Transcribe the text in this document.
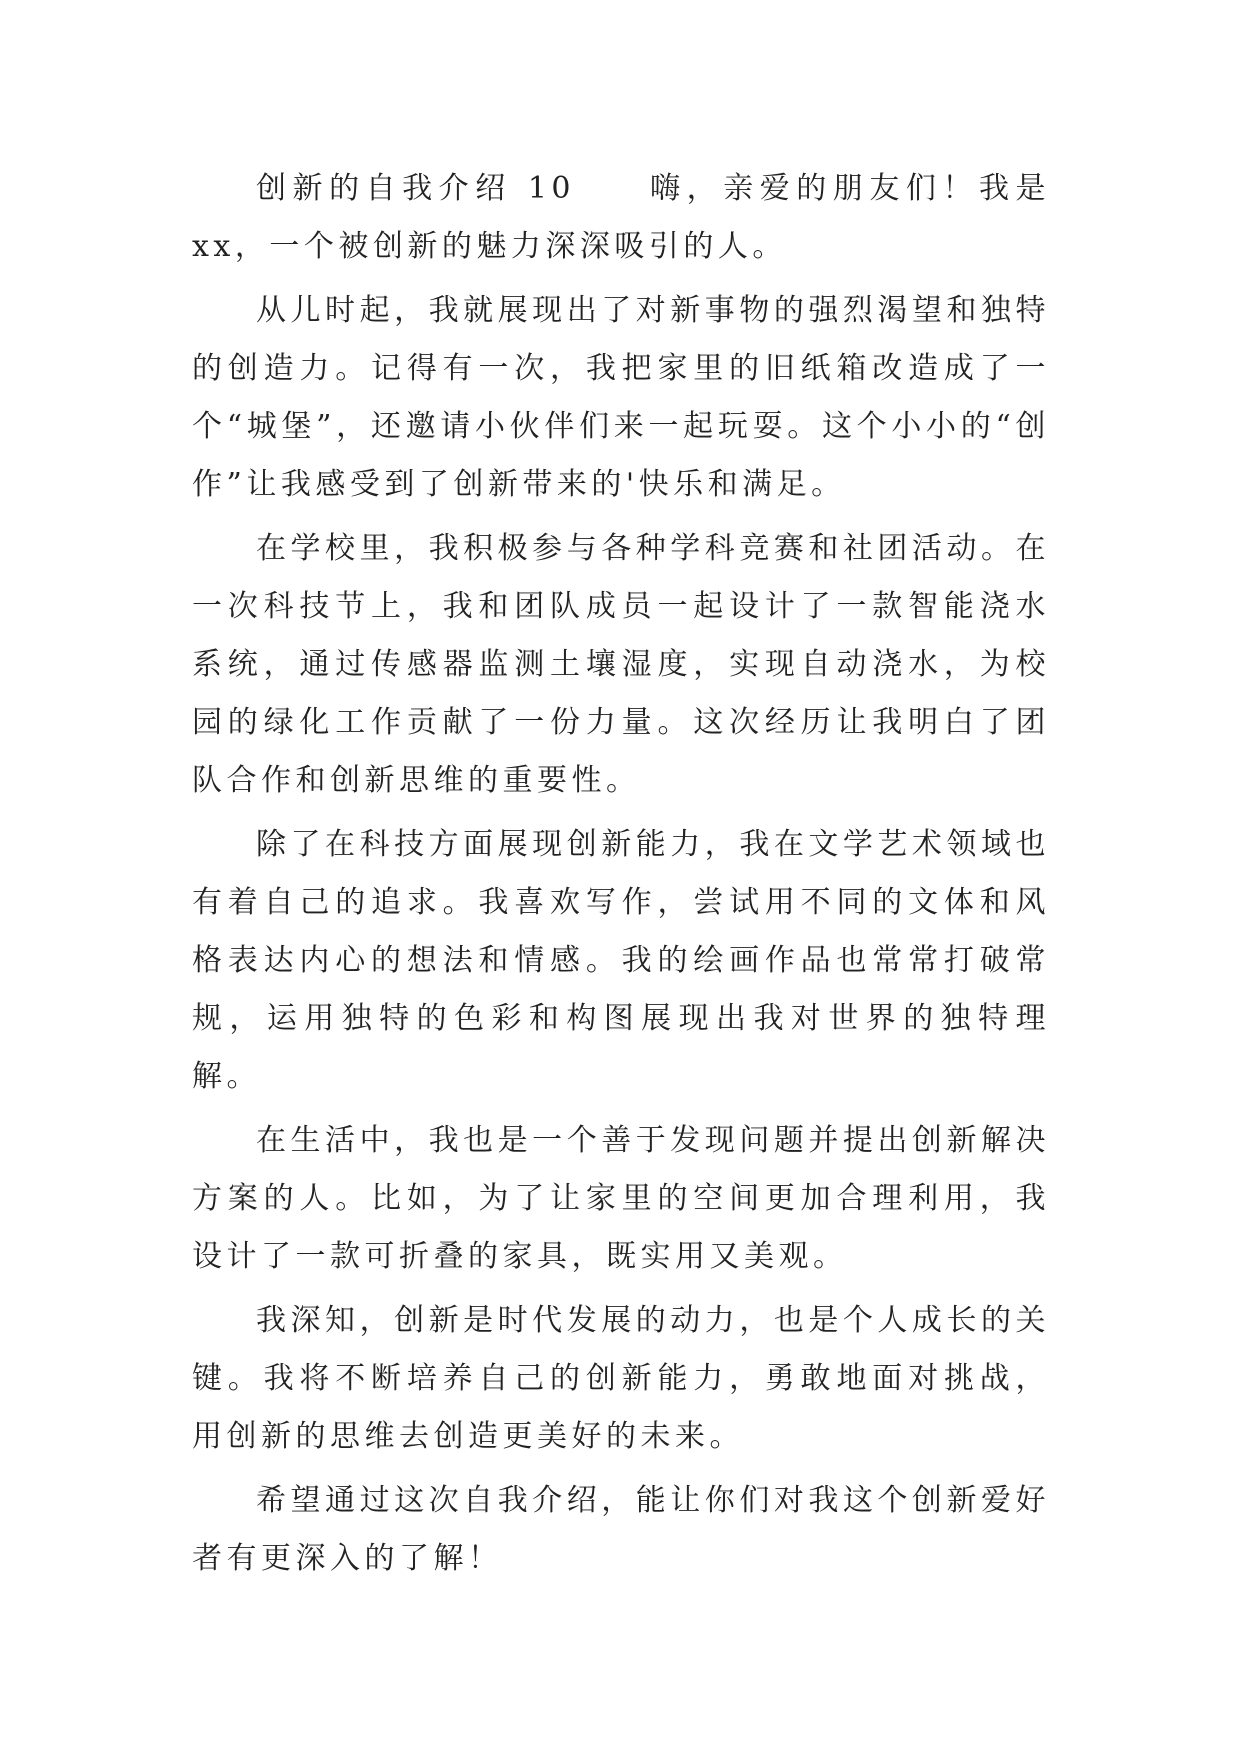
创新的自我介绍 10　　嗨，亲爱的朋友们！我是 xx，一个被创新的魅力深深吸引的人。

从儿时起，我就展现出了对新事物的强烈渴望和独特的创造力。记得有一次，我把家里的旧纸箱改造成了一个“城堡”，还邀请小伙伴们来一起玩耍。这个小小的“创作”让我感受到了创新带来的'快乐和满足。

在学校里，我积极参与各种学科竞赛和社团活动。在一次科技节上，我和团队成员一起设计了一款智能浇水系统，通过传感器监测土壤湿度，实现自动浇水，为校园的绿化工作贡献了一份力量。这次经历让我明白了团队合作和创新思维的重要性。

除了在科技方面展现创新能力，我在文学艺术领域也有着自己的追求。我喜欢写作，尝试用不同的文体和风格表达内心的想法和情感。我的绘画作品也常常打破常规，运用独特的色彩和构图展现出我对世界的独特理解。

在生活中，我也是一个善于发现问题并提出创新解决方案的人。比如，为了让家里的空间更加合理利用，我设计了一款可折叠的家具，既实用又美观。

我深知，创新是时代发展的动力，也是个人成长的关键。我将不断培养自己的创新能力，勇敢地面对挑战，用创新的思维去创造更美好的未来。

希望通过这次自我介绍，能让你们对我这个创新爱好者有更深入的了解！
